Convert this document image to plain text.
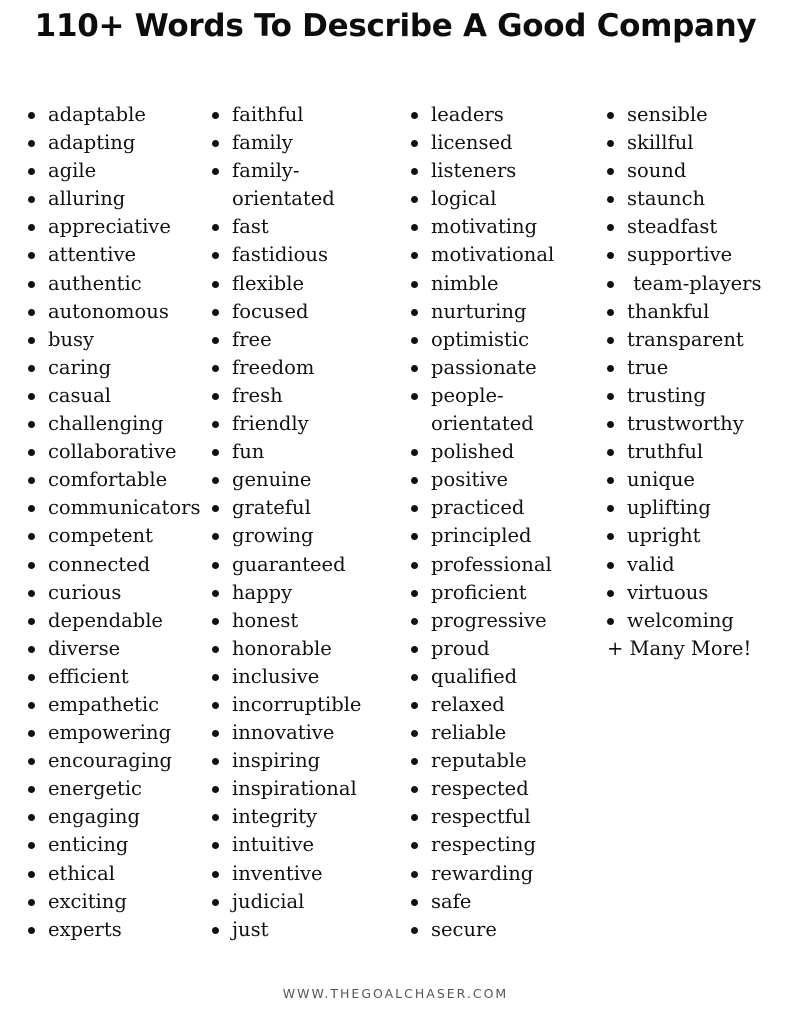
110+ Words To Describe A Good Company
adaptable
adapting
agile
alluring
appreciative
attentive
authentic
autonomous
busy
caring
casual
challenging
collaborative
comfortable
communicators
competent
connected
curious
dependable
diverse
efficient
empathetic
empowering
encouraging
energetic
engaging
enticing
ethical
exciting
experts
faithful
family
family-
orientated
fast
fastidious
flexible
focused
free
freedom
fresh
friendly
fun
genuine
grateful
growing
guaranteed
happy
honest
honorable
inclusive
incorruptible
innovative
inspiring
inspirational
integrity
intuitive
inventive
judicial
just
leaders
licensed
listeners
logical
motivating
motivational
nimble
nurturing
optimistic
passionate
people-
orientated
polished
positive
practiced
principled
professional
proficient
progressive
proud
qualified
relaxed
reliable
reputable
respected
respectful
respecting
rewarding
safe
secure
sensible
skillful
sound
staunch
steadfast
supportive
team-players
thankful
transparent
true
trusting
trustworthy
truthful
unique
uplifting
upright
valid
virtuous
welcoming
+ Many More!
WWW.THEGOALCHASER.COM
